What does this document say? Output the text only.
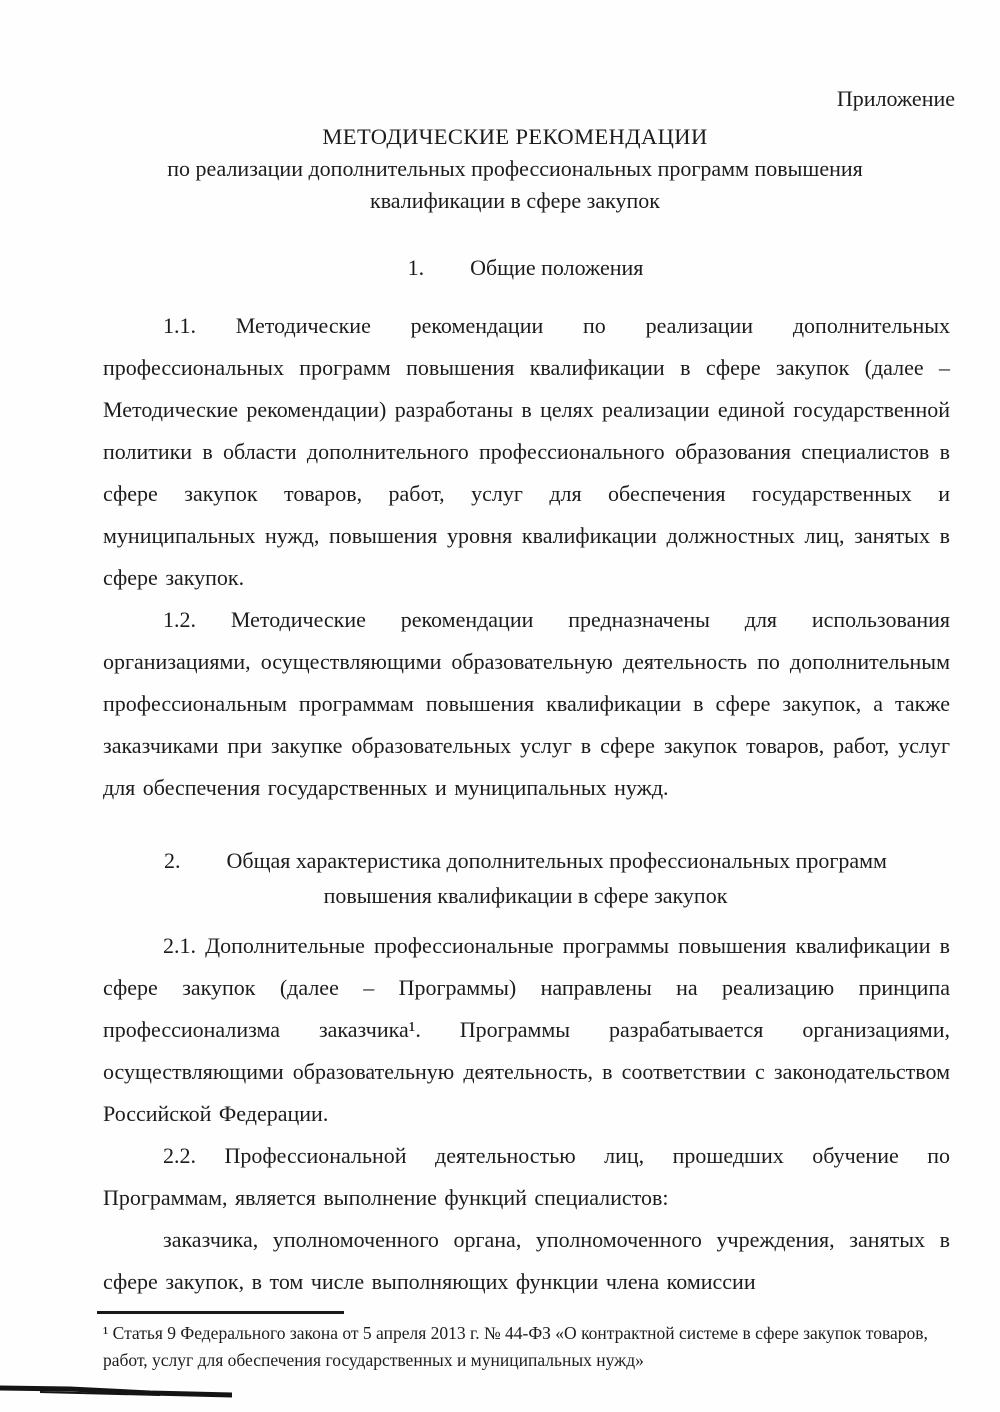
Приложение
МЕТОДИЧЕСКИЕ РЕКОМЕНДАЦИИ
по реализации дополнительных профессиональных программ повышения
квалификации в сфере закупок
1. Общие положения

1.1. Методические рекомендации по реализации дополнительных профессиональных программ повышения квалификации в сфере закупок (далее – Методические рекомендации) разработаны в целях реализации единой государственной политики в области дополнительного профессионального образования специалистов в сфере закупок товаров, работ, услуг для обеспечения государственных и муниципальных нужд, повышения уровня квалификации должностных лиц, занятых в сфере закупок.

1.2. Методические рекомендации предназначены для использования организациями, осуществляющими образовательную деятельность по дополнительным профессиональным программам повышения квалификации в сфере закупок, а также заказчиками при закупке образовательных услуг в сфере закупок товаров, работ, услуг для обеспечения государственных и муниципальных нужд.

2. Общая характеристика дополнительных профессиональных программ
повышения квалификации в сфере закупок

2.1. Дополнительные профессиональные программы повышения квалификации в сфере закупок (далее – Программы) направлены на реализацию принципа профессионализма заказчика¹. Программы разрабатывается организациями, осуществляющими образовательную деятельность, в соответствии с законодательством Российской Федерации.

2.2. Профессиональной деятельностью лиц, прошедших обучение по Программам, является выполнение функций специалистов:

заказчика, уполномоченного органа, уполномоченного учреждения, занятых в сфере закупок, в том числе выполняющих функции члена комиссии

¹ Статья 9 Федерального закона от 5 апреля 2013 г. № 44-ФЗ «О контрактной системе в сфере закупок товаров, работ, услуг для обеспечения государственных и муниципальных нужд»
